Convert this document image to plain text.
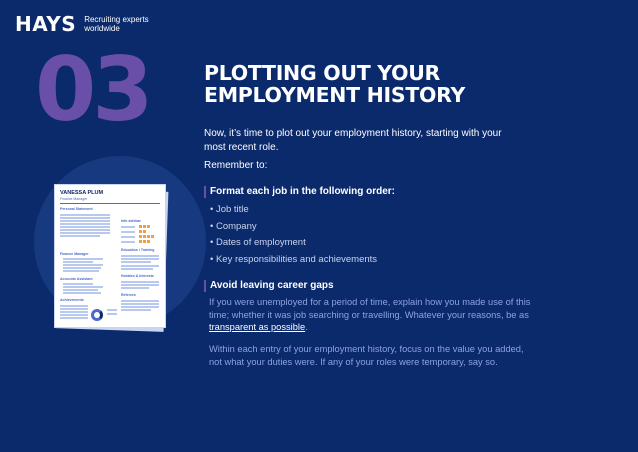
HAYS Recruiting experts worldwide
03
VANESSA PLUM
Finance Manager
Personal Statement
Finance Manager
Accounts Assistant
Achievements
Info sidebar
Education / Training
Hobbies & Interests
Referees
PLOTTING OUT YOUR EMPLOYMENT HISTORY

Now, it’s time to plot out your employment history, starting with your most recent role.

Remember to:

Format each job in the following order:
• Job title
• Company
• Dates of employment
• Key responsibilities and achievements
Avoid leaving career gaps

If you were unemployed for a period of time, explain how you made use of this time; whether it was job searching or travelling. Whatever your reasons, be as transparent as possible.

Within each entry of your employment history, focus on the value you added, not what your duties were. If any of your roles were temporary, say so.
